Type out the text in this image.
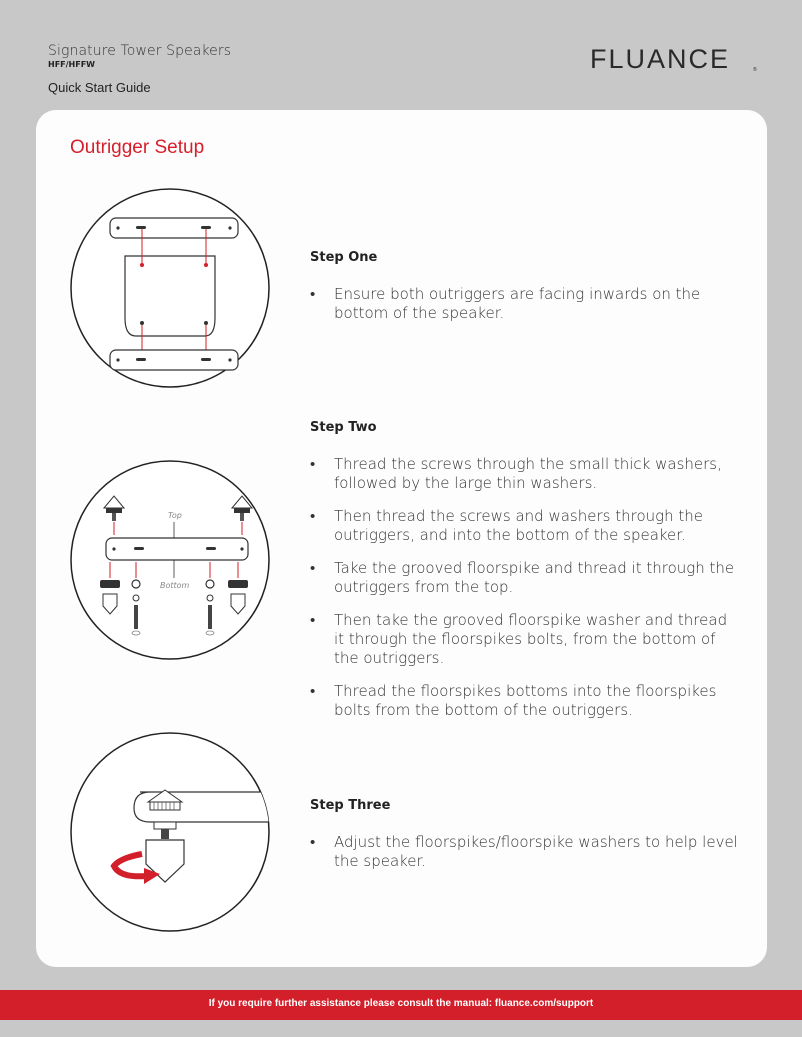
Signature Tower Speakers
HFF/HFFW
Quick Start Guide
FLUANCE	®
Outrigger Setup
Top
Bottom
Step One
• Ensure both outriggers are facing inwards on the bottom of the speaker.
Step Two
• Thread the screws through the small thick washers, followed by the large thin washers.
• Then thread the screws and washers through the outriggers, and into the bottom of the speaker.
• Take the grooved floorspike and thread it through the outriggers from the top.
• Then take the grooved floorspike washer and thread it through the floorspikes bolts, from the bottom of the outriggers.
• Thread the floorspikes bottoms into the floorspikes bolts from the bottom of the outriggers.
Step Three
• Adjust the floorspikes/floorspike washers to help level the speaker.
If you require further assistance please consult the manual: fluance.com/support
